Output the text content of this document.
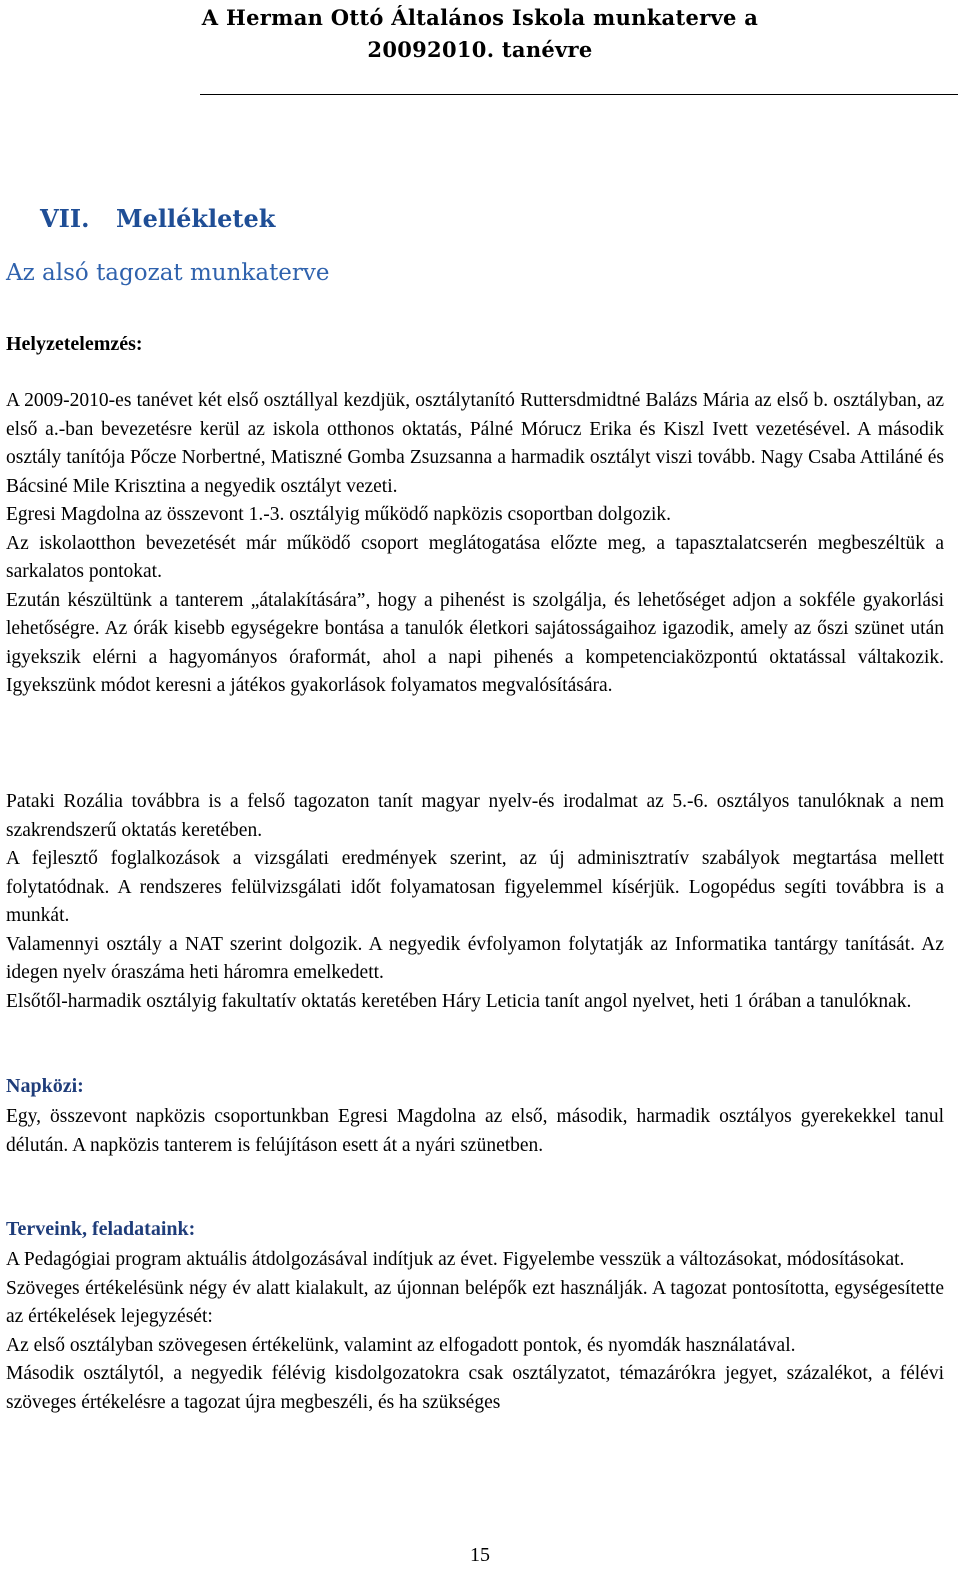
A Herman Ottó Általános Iskola munkaterve a
20092010. tanévre
VII. Mellékletek
Az alsó tagozat munkaterve
Helyzetelemzés:

A 2009-2010-es tanévet két első osztállyal kezdjük, osztálytanító Ruttersdmidtné Balázs Mária az első b. osztályban, az első a.-ban bevezetésre kerül az iskola otthonos oktatás, Pálné Mórucz Erika és Kiszl Ivett vezetésével. A második osztály tanítója Pőcze Norbertné, Matiszné Gomba Zsuzsanna a harmadik osztályt viszi tovább. Nagy Csaba Attiláné és Bácsiné Mile Krisztina a negyedik osztályt vezeti.

Egresi Magdolna az összevont 1.-3. osztályig működő napközis csoportban dolgozik.

Az iskolaotthon bevezetését már működő csoport meglátogatása előzte meg, a tapasztalatcserén megbeszéltük a sarkalatos pontokat.

Ezután készültünk a tanterem „átalakítására”, hogy a pihenést is szolgálja, és lehetőséget adjon a sokféle gyakorlási lehetőségre. Az órák kisebb egységekre bontása a tanulók életkori sajátosságaihoz igazodik, amely az őszi szünet után igyekszik elérni a hagyományos óraformát, ahol a napi pihenés a kompetenciaközpontú oktatással váltakozik. Igyekszünk módot keresni a játékos gyakorlások folyamatos megvalósítására.

Pataki Rozália továbbra is a felső tagozaton tanít magyar nyelv-és irodalmat az 5.-6. osztályos tanulóknak a nem szakrendszerű oktatás keretében.

A fejlesztő foglalkozások a vizsgálati eredmények szerint, az új adminisztratív szabályok megtartása mellett folytatódnak. A rendszeres felülvizsgálati időt folyamatosan figyelemmel kísérjük. Logopédus segíti továbbra is a munkát.

Valamennyi osztály a NAT szerint dolgozik. A negyedik évfolyamon folytatják az Informatika tantárgy tanítását. Az idegen nyelv óraszáma heti háromra emelkedett.

Elsőtől-harmadik osztályig fakultatív oktatás keretében Háry Leticia tanít angol nyelvet, heti 1 órában a tanulóknak.

Napközi:

Egy, összevont napközis csoportunkban Egresi Magdolna az első, második, harmadik osztályos gyerekekkel tanul délután. A napközis tanterem is felújításon esett át a nyári szünetben.

Terveink, feladataink:

A Pedagógiai program aktuális átdolgozásával indítjuk az évet. Figyelembe vesszük a változásokat, módosításokat.

Szöveges értékelésünk négy év alatt kialakult, az újonnan belépők ezt használják. A tagozat pontosította, egységesítette az értékelések lejegyzését:

Az első osztályban szövegesen értékelünk, valamint az elfogadott pontok, és nyomdák használatával.

Második osztálytól, a negyedik félévig kisdolgozatokra csak osztályzatot, témazárókra jegyet, százalékot, a félévi szöveges értékelésre a tagozat újra megbeszéli, és ha szükséges

15
